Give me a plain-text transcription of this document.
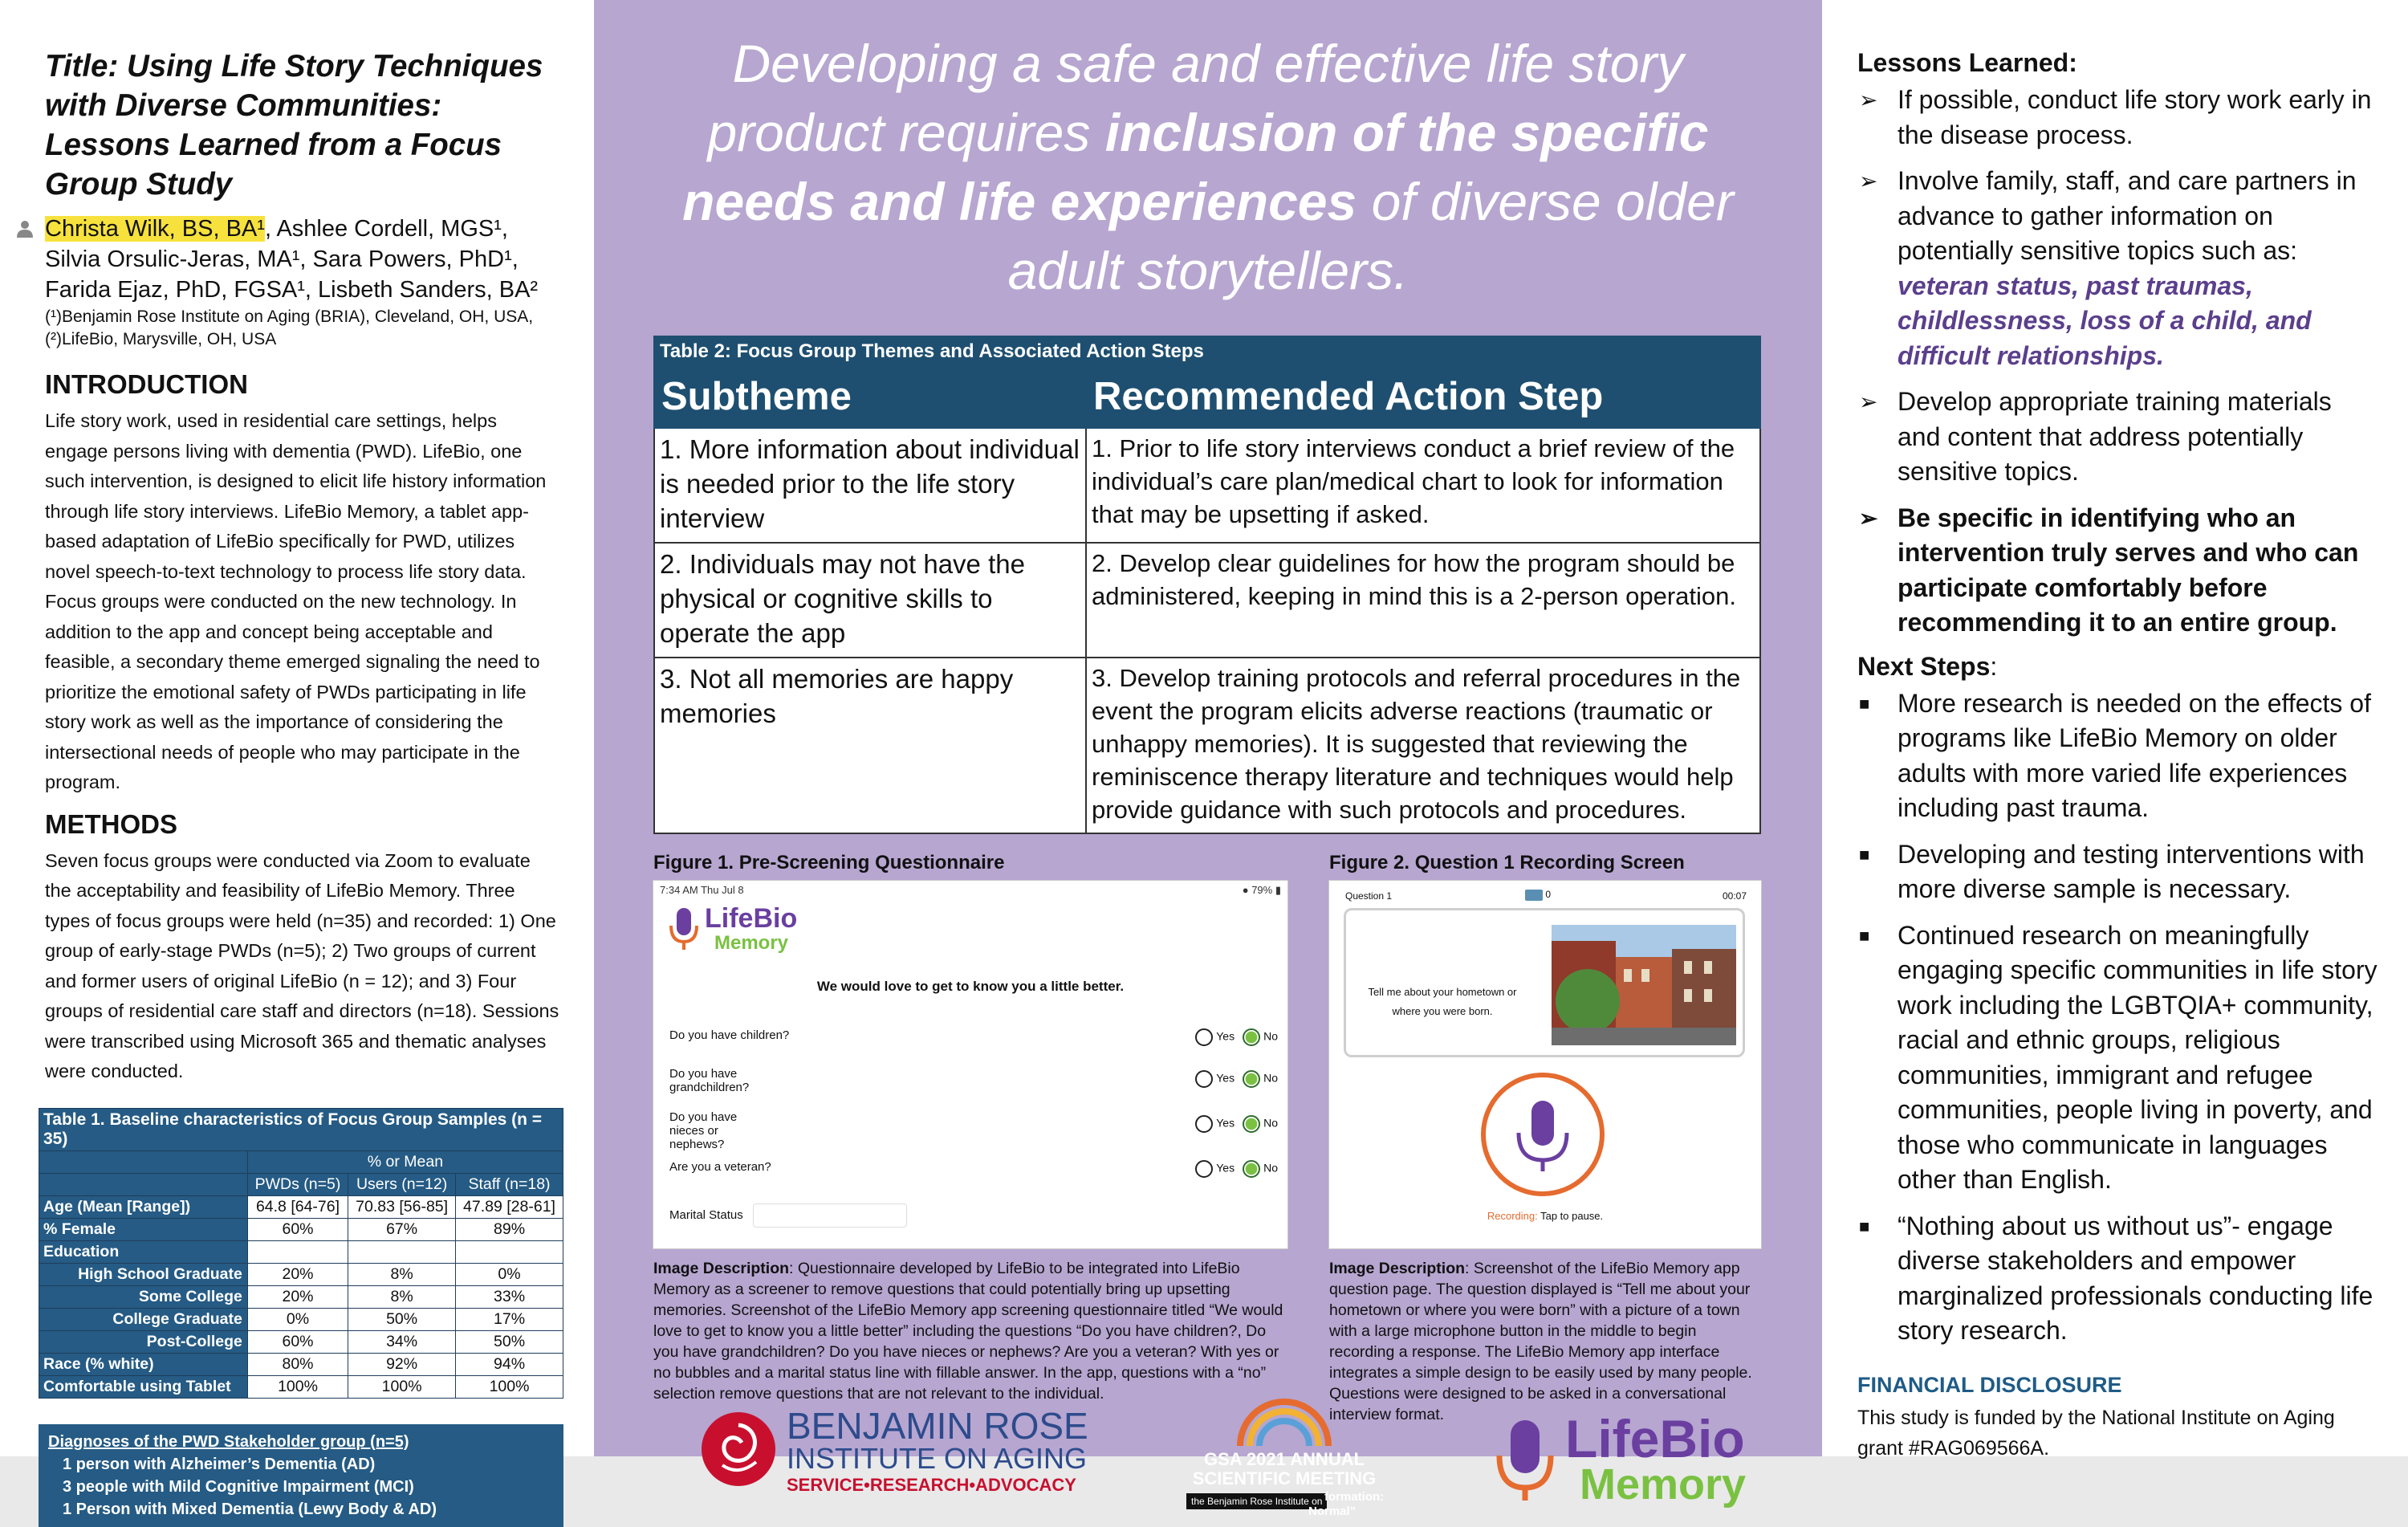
Title: Using Life Story Techniques with Diverse Communities: Lessons Learned from a Focus Group Study
Christa Wilk, BS, BA¹, Ashlee Cordell, MGS¹, Silvia Orsulic-Jeras, MA¹, Sara Powers, PhD¹, Farida Ejaz, PhD, FGSA¹, Lisbeth Sanders, BA²
(¹)Benjamin Rose Institute on Aging (BRIA), Cleveland, OH, USA,
(²)LifeBio, Marysville, OH, USA
INTRODUCTION
Life story work, used in residential care settings, helps engage persons living with dementia (PWD). LifeBio, one such intervention, is designed to elicit life history information through life story interviews. LifeBio Memory, a tablet app-based adaptation of LifeBio specifically for PWD, utilizes novel speech-to-text technology to process life story data. Focus groups were conducted on the new technology. In addition to the app and concept being acceptable and feasible, a secondary theme emerged signaling the need to prioritize the emotional safety of PWDs participating in life story work as well as the importance of considering the intersectional needs of people who may participate in the program.
METHODS
Seven focus groups were conducted via Zoom to evaluate the acceptability and feasibility of LifeBio Memory. Three types of focus groups were held (n=35) and recorded: 1) One group of early-stage PWDs (n=5); 2) Two groups of current and former users of original LifeBio (n = 12); and 3) Four groups of residential care staff and directors (n=18). Sessions were transcribed using Microsoft 365 and thematic analyses were conducted.
Table 1. Baseline characteristics of Focus Group Samples (n = 35)			
	% or Mean		
	PWDs (n=5)	Users (n=12)	Staff (n=18)
Age (Mean [Range])	64.8 [64-76]	70.83 [56-85]	47.89 [28-61]
% Female	60%	67%	89%
Education			
High School Graduate	20%	8%	0%
Some College	20%	8%	33%
College Graduate	0%	50%	17%
Post-College	60%	34%	50%
Race (% white)	80%	92%	94%
Comfortable using Tablet	100%	100%	100%
Diagnoses of the PWD Stakeholder group (n=5)
1 person with Alzheimer’s Dementia (AD)
3 people with Mild Cognitive Impairment (MCI)
1 Person with Mixed Dementia (Lewy Body & AD)

Developing a safe and effective life story product requires inclusion of the specific needs and life experiences of diverse older adult storytellers.

Table 2: Focus Group Themes and Associated Action Steps
Subtheme	Recommended Action Step
1. More information about individual is needed prior to the life story interview	1. Prior to life story interviews conduct a brief review of the individual’s care plan/medical chart to look for information that may be upsetting if asked.
2. Individuals may not have the physical or cognitive skills to operate the app	2. Develop clear guidelines for how the program should be administered, keeping in mind this is a 2-person operation.
3. Not all memories are happy memories	3. Develop training protocols and referral procedures in the event the program elicits adverse reactions (traumatic or unhappy memories). It is suggested that reviewing the reminiscence therapy literature and techniques would help provide guidance with such protocols and procedures.
Figure 1. Pre-Screening Questionnaire
7:34 AM Thu Jul 8	● 79% ▮
LifeBio
Memory
We would love to get to know you a little better.
Do you have children?	Yes	No
Do you have grandchildren?
Yes	No
Do you have nieces or nephews?
Yes	No
Are you a veteran?	Yes	No
Marital Status
Image Description: Questionnaire developed by LifeBio to be integrated into LifeBio Memory as a screener to remove questions that could potentially bring up upsetting memories. Screenshot of the LifeBio Memory app screening questionnaire titled “We would love to get to know you a little better” including the questions “Do you have children?, Do you have grandchildren? Do you have nieces or nephews? Are you a veteran? With yes or no bubbles and a marital status line with fillable answer. In the app, questions with a “no” selection remove questions that are not relevant to the individual.
Figure 2. Question 1 Recording Screen
Question 1	0	00:07
Tell me about your hometown or where you were born.
Recording: Tap to pause.
Image Description: Screenshot of the LifeBio Memory app question page. The question displayed is “Tell me about your hometown or where you were born” with a picture of a town with a large microphone button in the middle to begin recording a response. The LifeBio Memory app interface integrates a simple design to be easily used by many people. Questions were designed to be asked in a conversational interview format.
BENJAMIN ROSE
INSTITUTE ON AGING
SERVICE•RESEARCH•ADVOCACY
GSA 2021 ANNUAL
SCIENTIFIC MEETING
the Benjamin Rose Institute on formation:
Normal”
LifeBio
Memory
Lessons Learned:
➢ If possible, conduct life story work early in the disease process.
➢ Involve family, staff, and care partners in advance to gather information on potentially sensitive topics such as: veteran status, past traumas, childlessness, loss of a child, and difficult relationships.
➢ Develop appropriate training materials and content that address potentially sensitive topics.
➢ Be specific in identifying who an intervention truly serves and who can participate comfortably before recommending it to an entire group.
Next Steps:
■ More research is needed on the effects of programs like LifeBio Memory on older adults with more varied life experiences including past trauma.
■ Developing and testing interventions with more diverse sample is necessary.
■ Continued research on meaningfully engaging specific communities in life story work including the LGBTQIA+ community, racial and ethnic groups, religious communities, immigrant and refugee communities, people living in poverty, and those who communicate in languages other than English.
■ “Nothing about us without us”- engage diverse stakeholders and empower marginalized professionals conducting life story research.
FINANCIAL DISCLOSURE
This study is funded by the National Institute on Aging grant #RAG069566A.
